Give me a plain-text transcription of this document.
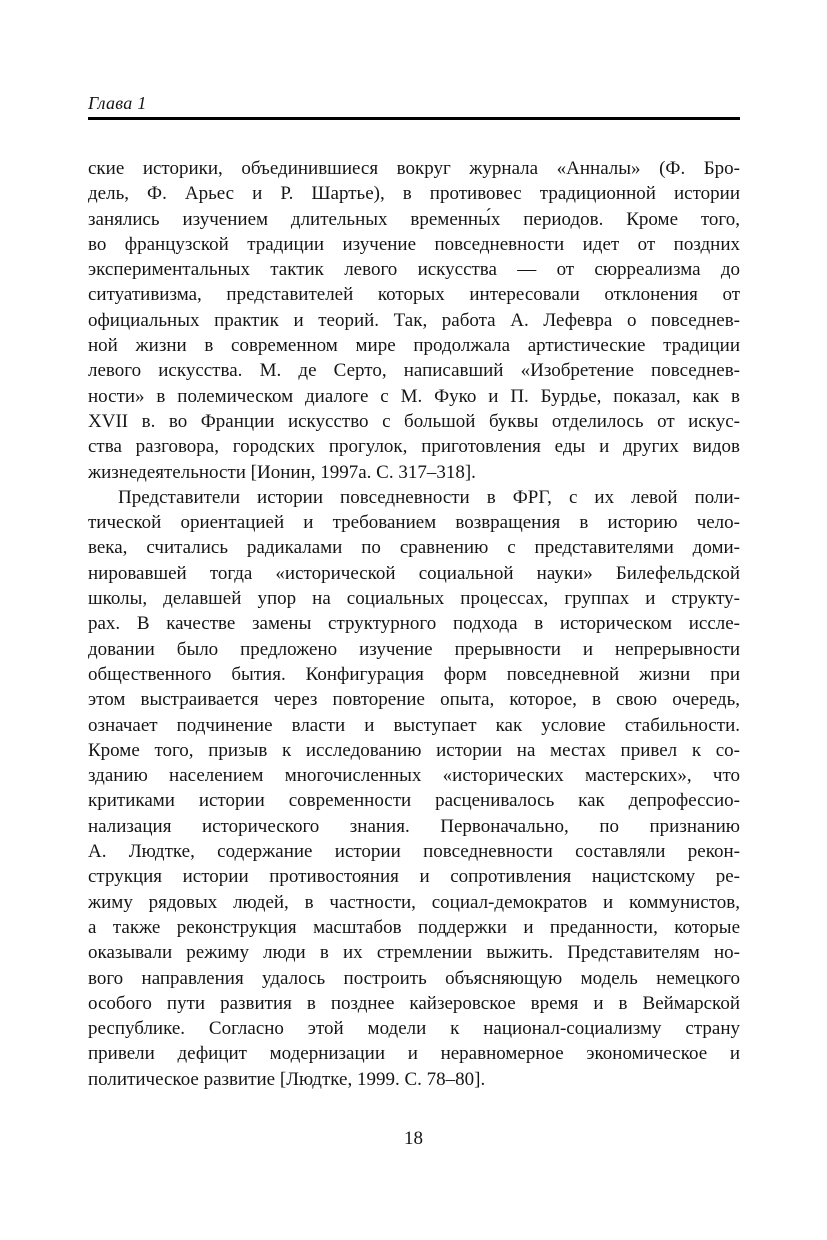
Глава 1
ские историки, объединившиеся вокруг журнала «Анналы» (Ф. Бро-
дель, Ф. Арьес и Р. Шартье), в противовес традиционной истории
занялись изучением длительных временны́х периодов. Кроме того,
во французской традиции изучение повседневности идет от поздних
экспериментальных тактик левого искусства — от сюрреализма до
ситуативизма, представителей которых интересовали отклонения от
официальных практик и теорий. Так, работа А. Лефевра о повседнев-
ной жизни в современном мире продолжала артистические традиции
левого искусства. М. де Серто, написавший «Изобретение повседнев-
ности» в полемическом диалоге с М. Фуко и П. Бурдье, показал, как в
XVII в. во Франции искусство с большой буквы отделилось от искус-
ства разговора, городских прогулок, приготовления еды и других видов
жизнедеятельности [Ионин, 1997а. С. 317–318].
Представители истории повседневности в ФРГ, с их левой поли-
тической ориентацией и требованием возвращения в историю чело-
века, считались радикалами по сравнению с представителями доми-
нировавшей тогда «исторической социальной науки» Билефельдской
школы, делавшей упор на социальных процессах, группах и структу-
рах. В качестве замены структурного подхода в историческом иссле-
довании было предложено изучение прерывности и непрерывности
общественного бытия. Конфигурация форм повседневной жизни при
этом выстраивается через повторение опыта, которое, в свою очередь,
означает подчинение власти и выступает как условие стабильности.
Кроме того, призыв к исследованию истории на местах привел к со-
зданию населением многочисленных «исторических мастерских», что
критиками истории современности расценивалось как депрофессио-
нализация исторического знания. Первоначально, по признанию
А. Людтке, содержание истории повседневности составляли рекон-
струкция истории противостояния и сопротивления нацистскому ре-
жиму рядовых людей, в частности, социал-демократов и коммунистов,
а также реконструкция масштабов поддержки и преданности, которые
оказывали режиму люди в их стремлении выжить. Представителям но-
вого направления удалось построить объясняющую модель немецкого
особого пути развития в позднее кайзеровское время и в Веймарской
республике. Согласно этой модели к национал-социализму страну
привели дефицит модернизации и неравномерное экономическое и
политическое развитие [Людтке, 1999. С. 78–80].
18
